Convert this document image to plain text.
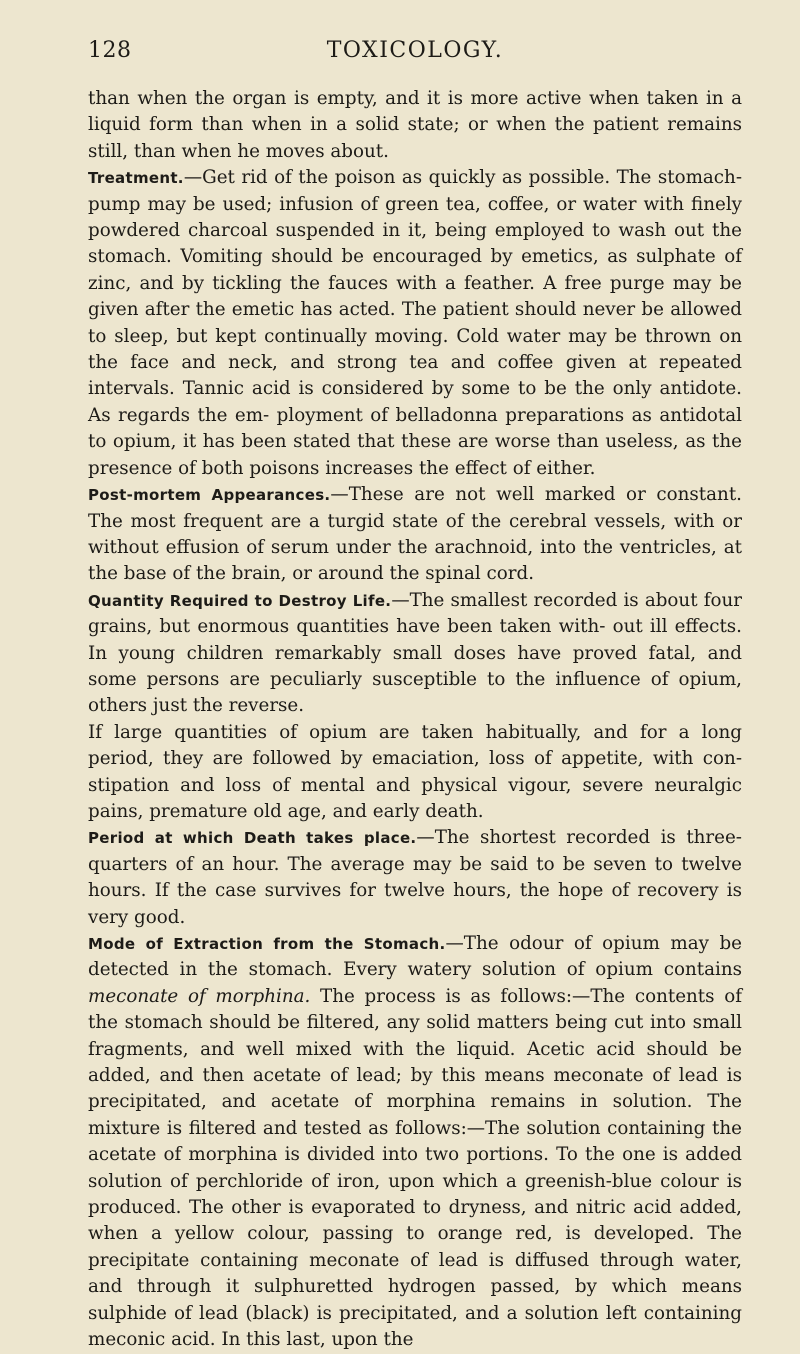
128	TOXICOLOGY.

than when the organ is empty, and it is more active when taken in a liquid form than when in a solid state; or when the patient remains still, than when he moves about.

Treatment.—Get rid of the poison as quickly as possible. The stomach-pump may be used; infusion of green tea, coffee, or water with finely powdered charcoal suspended in it, being employed to wash out the stomach. Vomiting should be encouraged by emetics, as sulphate of zinc, and by tickling the fauces with a feather. A free purge may be given after the emetic has acted. The patient should never be allowed to sleep, but kept continually moving. Cold water may be thrown on the face and neck, and strong tea and coffee given at repeated intervals. Tannic acid is considered by some to be the only antidote. As regards the em- ployment of belladonna preparations as antidotal to opium, it has been stated that these are worse than useless, as the presence of both poisons increases the effect of either.

Post-mortem Appearances.—These are not well marked or constant. The most frequent are a turgid state of the cerebral vessels, with or without effusion of serum under the arachnoid, into the ventricles, at the base of the brain, or around the spinal cord.

Quantity Required to Destroy Life.—The smallest recorded is about four grains, but enormous quantities have been taken with- out ill effects. In young children remarkably small doses have proved fatal, and some persons are peculiarly susceptible to the influence of opium, others just the reverse.

If large quantities of opium are taken habitually, and for a long period, they are followed by emaciation, loss of appetite, with con- stipation and loss of mental and physical vigour, severe neuralgic pains, premature old age, and early death.

Period at which Death takes place.—The shortest recorded is three-quarters of an hour. The average may be said to be seven to twelve hours. If the case survives for twelve hours, the hope of recovery is very good.

Mode of Extraction from the Stomach.—The odour of opium may be detected in the stomach. Every watery solution of opium contains meconate of morphina. The process is as follows:—The contents of the stomach should be filtered, any solid matters being cut into small fragments, and well mixed with the liquid. Acetic acid should be added, and then acetate of lead; by this means meconate of lead is precipitated, and acetate of morphina remains in solution. The mixture is filtered and tested as follows:—The solution containing the acetate of morphina is divided into two portions. To the one is added solution of perchloride of iron, upon which a greenish-blue colour is produced. The other is evaporated to dryness, and nitric acid added, when a yellow colour, passing to orange red, is developed. The precipitate containing meconate of lead is diffused through water, and through it sulphuretted hydrogen passed, by which means sulphide of lead (black) is precipitated, and a solution left containing meconic acid. In this last, upon the
